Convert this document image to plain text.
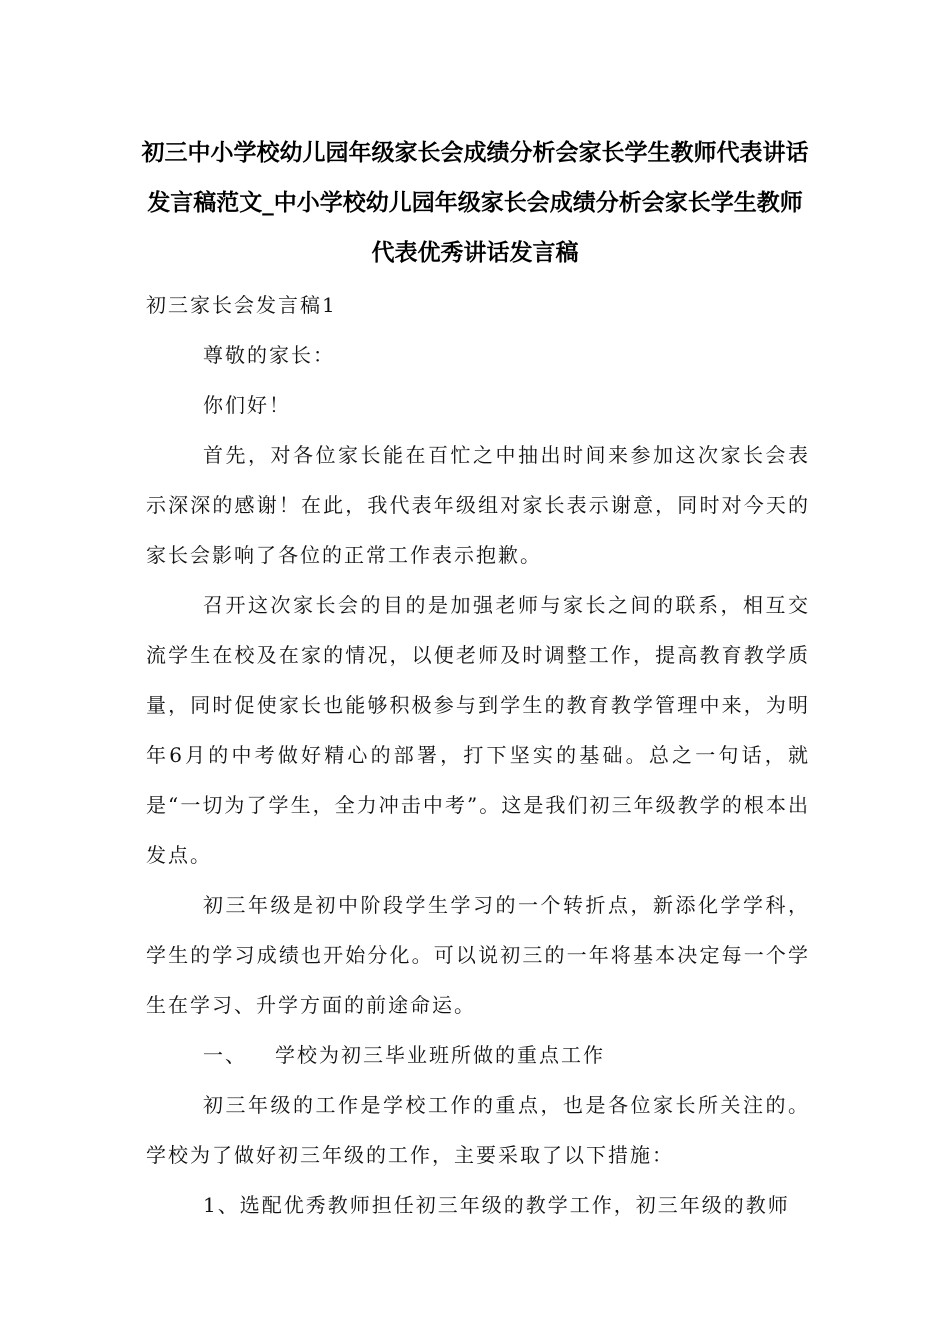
初三中小学校幼儿园年级家长会成绩分析会家长学生教师代表讲话发言稿范文_中小学校幼儿园年级家长会成绩分析会家长学生教师代表优秀讲话发言稿

初三家长会发言稿1

尊敬的家长：

你们好！

首先，对各位家长能在百忙之中抽出时间来参加这次家长会表示深深的感谢！在此，我代表年级组对家长表示谢意，同时对今天的家长会影响了各位的正常工作表示抱歉。

召开这次家长会的目的是加强老师与家长之间的联系，相互交流学生在校及在家的情况，以便老师及时调整工作，提高教育教学质量，同时促使家长也能够积极参与到学生的教育教学管理中来，为明年6月的中考做好精心的部署，打下坚实的基础。总之一句话，就是“一切为了学生，全力冲击中考”。这是我们初三年级教学的根本出发点。

初三年级是初中阶段学生学习的一个转折点，新添化学学科，学生的学习成绩也开始分化。可以说初三的一年将基本决定每一个学生在学习、升学方面的前途命运。

一、 学校为初三毕业班所做的重点工作

初三年级的工作是学校工作的重点，也是各位家长所关注的。学校为了做好初三年级的工作，主要采取了以下措施：

1、选配优秀教师担任初三年级的教学工作，初三年级的教师
